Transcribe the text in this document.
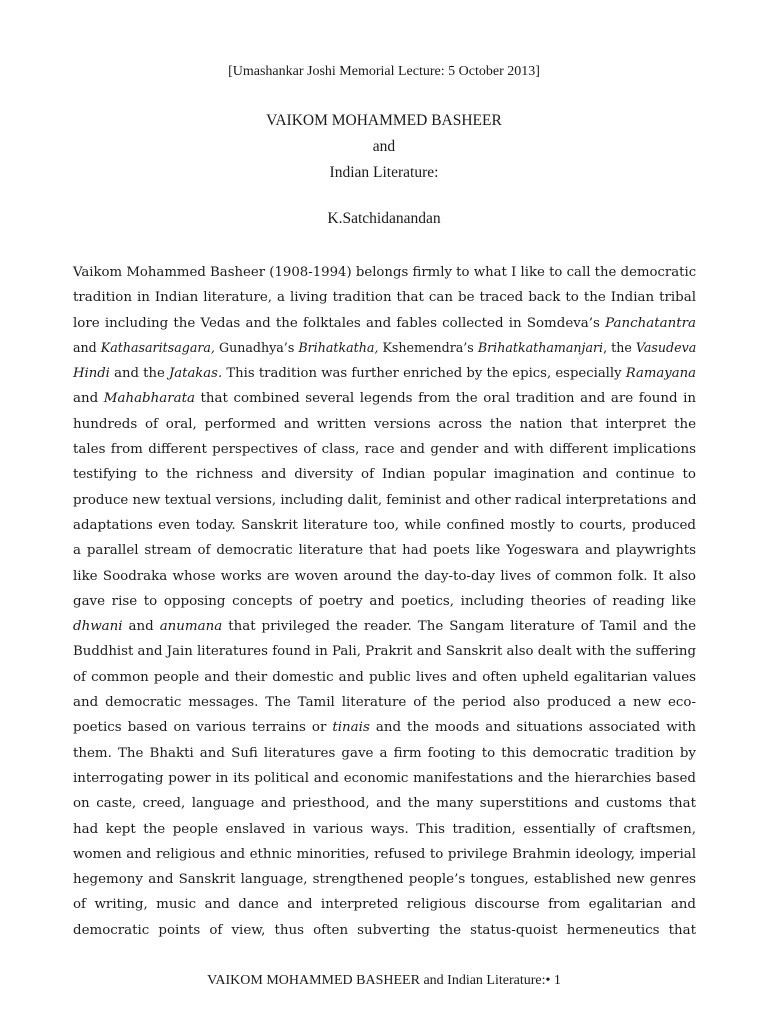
[Umashankar Joshi Memorial Lecture: 5 October 2013]
VAIKOM MOHAMMED BASHEER
and
Indian Literature:
K.Satchidanandan
Vaikom Mohammed Basheer (1908-1994) belongs firmly to what I like to call the democratic
tradition in Indian literature, a living tradition that can be traced back to the Indian tribal
lore including the Vedas and the folktales and fables collected in Somdeva’s Panchatantra
and Kathasaritsagara, Gunadhya’s Brihatkatha, Kshemendra’s Brihatkathamanjari, the Vasudeva
Hindi and the Jatakas. This tradition was further enriched by the epics, especially Ramayana
and Mahabharata that combined several legends from the oral tradition and are found in
hundreds of oral, performed and written versions across the nation that interpret the
tales from different perspectives of class, race and gender and with different implications
testifying to the richness and diversity of Indian popular imagination and continue to
produce new textual versions, including dalit, feminist and other radical interpretations and
adaptations even today. Sanskrit literature too, while confined mostly to courts, produced
a parallel stream of democratic literature that had poets like Yogeswara and playwrights
like Soodraka whose works are woven around the day-to-day lives of common folk. It also
gave rise to opposing concepts of poetry and poetics, including theories of reading like
dhwani and anumana that privileged the reader. The Sangam literature of Tamil and the
Buddhist and Jain literatures found in Pali, Prakrit and Sanskrit also dealt with the suffering
of common people and their domestic and public lives and often upheld egalitarian values
and democratic messages. The Tamil literature of the period also produced a new eco-
poetics based on various terrains or tinais and the moods and situations associated with
them. The Bhakti and Sufi literatures gave a firm footing to this democratic tradition by
interrogating power in its political and economic manifestations and the hierarchies based
on caste, creed, language and priesthood, and the many superstitions and customs that
had kept the people enslaved in various ways. This tradition, essentially of craftsmen,
women and religious and ethnic minorities, refused to privilege Brahmin ideology, imperial
hegemony and Sanskrit language, strengthened people’s tongues, established new genres
of writing, music and dance and interpreted religious discourse from egalitarian and
democratic points of view, thus often subverting the status-quoist hermeneutics that
VAIKOM MOHAMMED BASHEER and Indian Literature:• 1
